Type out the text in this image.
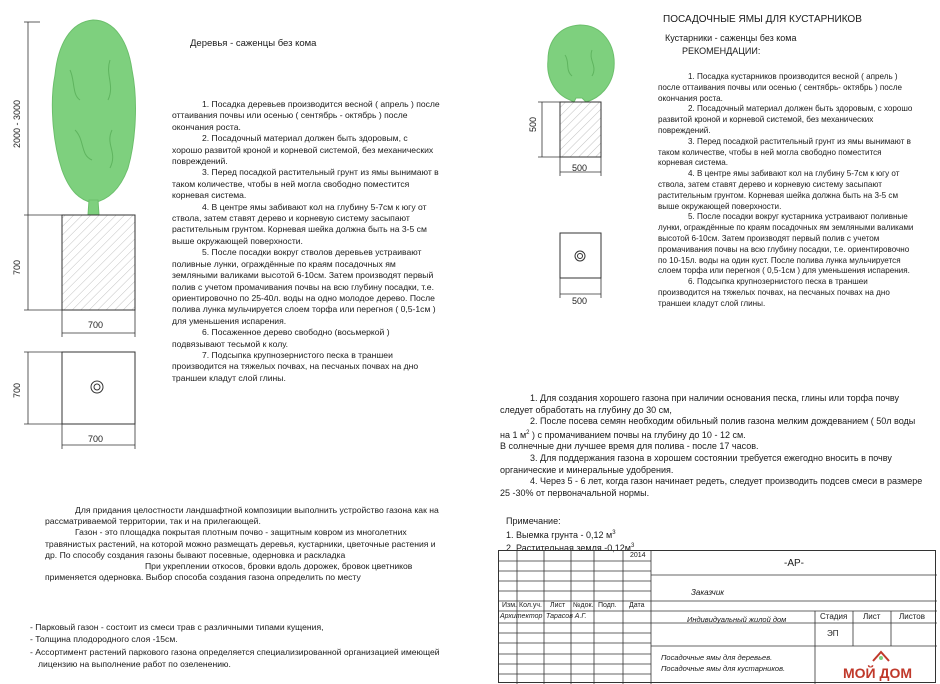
2000 - 3000
700
700
700
700
Деревья - саженцы без кома

1. Посадка деревьев производится весной ( апрель ) после оттаивания почвы или осенью ( сентябрь - октябрь ) после окончания роста.

2. Посадочный материал должен быть здоровым, с хорошо развитой кроной и корневой системой, без механических повреждений.

3. Перед посадкой растительный грунт из ямы вынимают в таком количестве, чтобы в ней могла свободно поместится корневая система.

4. В центре ямы забивают кол на глубину 5-7см к югу от ствола, затем ставят дерево и корневую систему засыпают растительным грунтом. Корневая шейка должна быть на 3-5 см выше окружающей поверхности.

5. После посадки вокруг стволов деревьев устраивают поливные лунки, ограждённые по краям посадочных ям земляными валиками высотой 6-10см. Затем производят первый полив с учетом промачивания почвы на всю глубину посадки, т.е. ориентировочно по 25-40л. воды на одно молодое дерево. После полива лунка мульчируется слоем торфа или перегноя ( 0,5-1см ) для уменьшения испарения.

6. Посаженное дерево свободно (восьмеркой ) подвязывают тесьмой к колу.

7. Подсыпка крупнозернистого песка в траншеи производится на тяжелых почвах, на песчаных почвах на дно траншеи кладут слой глины.

500
500
500
ПОСАДОЧНЫЕ ЯМЫ ДЛЯ КУСТАРНИКОВ
Кустарники - саженцы без кома
РЕКОМЕНДАЦИИ:

1. Посадка кустарников производится весной ( апрель ) после оттаивания почвы или осенью ( сентябрь- октябрь ) после окончания роста.

2. Посадочный материал должен быть здоровым, с хорошо развитой кроной и корневой системой, без механических повреждений.

3. Перед посадкой растительный грунт из ямы вынимают в таком количестве, чтобы в ней могла свободно поместится корневая система.

4. В центре ямы забивают кол на глубину 5-7см к югу от ствола, затем ставят дерево и корневую систему засыпают растительным грунтом. Корневая шейка должна быть на 3-5 см выше окружающей поверхности.

5. После посадки вокруг кустарника устраивают поливные лунки, ограждённые по краям посадочных ям земляными валиками высотой 6-10см. Затем производят первый полив с учетом промачивания почвы на всю глубину посадки, т.е. ориентировочно по 10-15л. воды на один куст. После полива лунка мульчируется слоем торфа или перегноя ( 0,5-1см ) для уменьшения испарения.

6. Подсыпка крупнозернистого песка в траншеи производится на тяжелых почвах, на песчаных почвах на дно траншеи кладут слой глины.

1. Для создания хорошего газона при наличии основания песка, глины или торфа почву следует обработать на глубину до 30 см,

2. После посева семян необходим обильный полив газона мелким дождеванием ( 50л воды на 1 $м^2$ ) с промачиванием почвы на глубину до 10 - 12 см.

В солнечные дни лучшее время для полива - после 17 часов.

3. Для поддержания газона в хорошем состоянии требуется ежегодно вносить в почву органические и минеральные удобрения.

4. Через 5 - 6 лет, когда газон начинает редеть, следует производить подсев смеси в размере 25 -30% от первоначальной нормы.

Примечание:

1. Выемка грунта - 0,12 $м^3$

2. Растительная земля $-0,12м^3$

Для придания целостности ландшафтной композиции выполнить устройство газона как на рассматриваемой территории, так и на прилегающей.

Газон - это площадка покрытая плотным почво - защитным ковром из многолетних травянистых растений, на которой можно размещать деревья, кустарники, цветочные растения и др. По способу создания газоны бывают посевные, одерновка и раскладка

При укреплении откосов, бровки вдоль дорожек, бровок цветников применяется одерновка. Выбор способа создания газона определить по месту

- Парковый газон - состоит из смеси трав с различными типами кущения,

- Толщина плодородного слоя -15см.

- Ассортимент растений паркового газона определяется специализированной организацией имеющей лицензию на выполнение работ по озеленению.

2014
-АР-
Заказчик
Изм. Кол.уч. Лист №док. Подп. Дата
Архитектор Тарасов А.Г.	Индивидуальный жилой дом	Стадия Лист Листов
ЭП
Посадочные ямы для деревьев.
Посадочные ямы для кустарников.	МОЙ ДОМ
